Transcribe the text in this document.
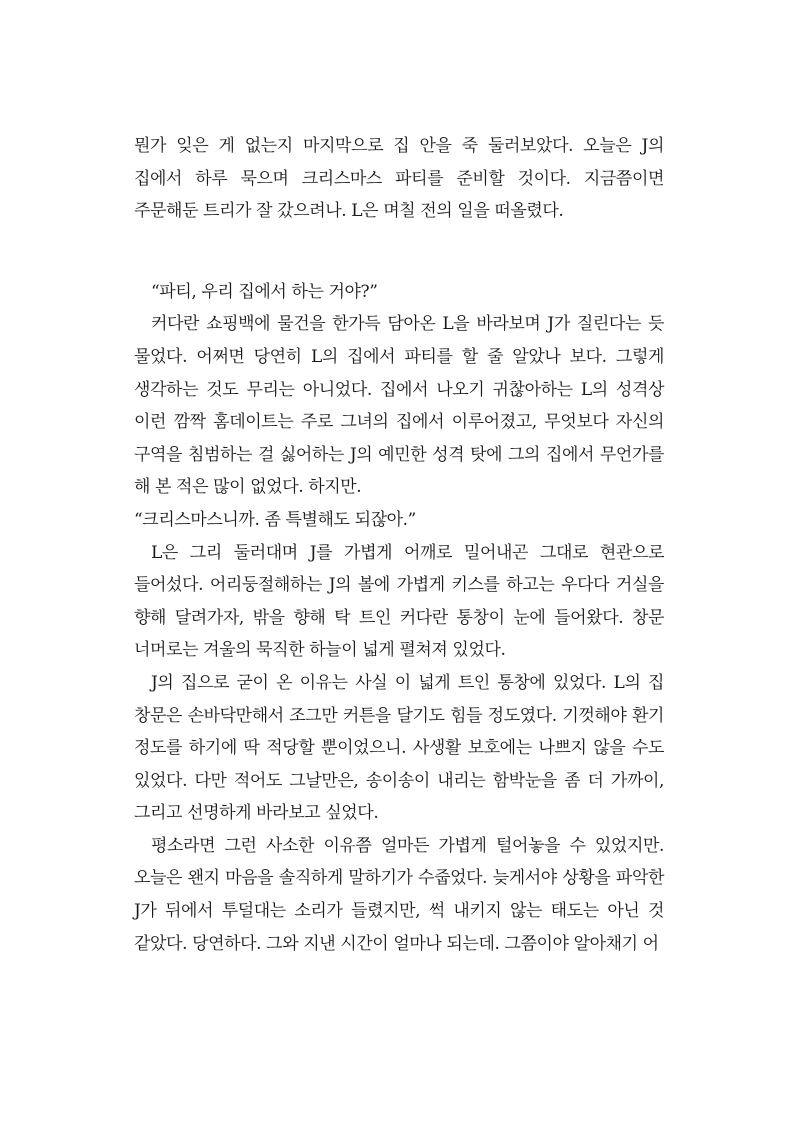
뭔가 잊은 게 없는지 마지막으로 집 안을 죽 둘러보았다. 오늘은 J의 집에서 하루 묵으며 크리스마스 파티를 준비할 것이다. 지금쯤이면 주문해둔 트리가 잘 갔으려나. L은 며칠 전의 일을 떠올렸다.

“파티, 우리 집에서 하는 거야?”

커다란 쇼핑백에 물건을 한가득 담아온 L을 바라보며 J가 질린다는 듯 물었다. 어쩌면 당연히 L의 집에서 파티를 할 줄 알았나 보다. 그렇게 생각하는 것도 무리는 아니었다. 집에서 나오기 귀찮아하는 L의 성격상 이런 깜짝 홈데이트는 주로 그녀의 집에서 이루어졌고, 무엇보다 자신의 구역을 침범하는 걸 싫어하는 J의 예민한 성격 탓에 그의 집에서 무언가를 해 본 적은 많이 없었다. 하지만.

“크리스마스니까. 좀 특별해도 되잖아.”

L은 그리 둘러대며 J를 가볍게 어깨로 밀어내곤 그대로 현관으로 들어섰다. 어리둥절해하는 J의 볼에 가볍게 키스를 하고는 우다다 거실을 향해 달려가자, 밖을 향해 탁 트인 커다란 통창이 눈에 들어왔다. 창문 너머로는 겨울의 묵직한 하늘이 넓게 펼쳐져 있었다.

J의 집으로 굳이 온 이유는 사실 이 넓게 트인 통창에 있었다. L의 집 창문은 손바닥만해서 조그만 커튼을 달기도 힘들 정도였다. 기껏해야 환기 정도를 하기에 딱 적당할 뿐이었으니. 사생활 보호에는 나쁘지 않을 수도 있었다. 다만 적어도 그날만은, 송이송이 내리는 함박눈을 좀 더 가까이, 그리고 선명하게 바라보고 싶었다.

평소라면 그런 사소한 이유쯤 얼마든 가볍게 털어놓을 수 있었지만. 오늘은 왠지 마음을 솔직하게 말하기가 수줍었다. 늦게서야 상황을 파악한 J가 뒤에서 투덜대는 소리가 들렸지만, 썩 내키지 않는 태도는 아닌 것 같았다. 당연하다. 그와 지낸 시간이 얼마나 되는데. 그쯤이야 알아채기 어
